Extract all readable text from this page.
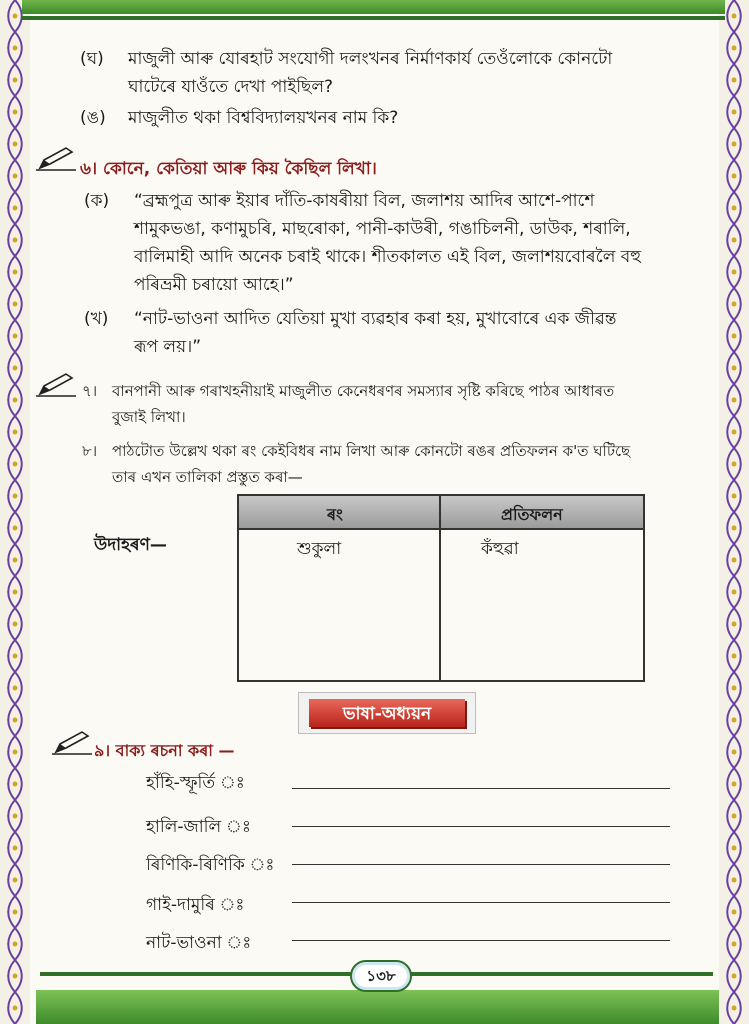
(ঘ) মাজুলী আৰু যোৰহাট সংযোগী দলংখনৰ নিৰ্মাণকাৰ্য তেওঁলোকে কোনটো
ঘাটেৰে যাওঁতে দেখা পাইছিল?
(ঙ) মাজুলীত থকা বিশ্ববিদ্যালয়খনৰ নাম কি?
৬। কোনে, কেতিয়া আৰু কিয় কৈছিল লিখা।
(ক) “ব্ৰহ্মপুত্ৰ আৰু ইয়াৰ দাঁতি-কাষৰীয়া বিল, জলাশয় আদিৰ আশে-পাশে
শামুকভঙা, কণামুচৰি, মাছৰোকা, পানী-কাউৰী, গঙাচিলনী, ডাউক, শৰালি,
বালিমাহী আদি অনেক চৰাই থাকে। শীতকালত এই বিল, জলাশয়বোৰলৈ বহু
পৰিভ্ৰমী চৰায়ো আহে।”
(খ) “নাট-ভাওনা আদিত যেতিয়া মুখা ব্যৱহাৰ কৰা হয়, মুখাবোৰে এক জীৱন্ত
ৰূপ লয়।”
৭। বানপানী আৰু গৰাখহনীয়াই মাজুলীত কেনেধৰণৰ সমস্যাৰ সৃষ্টি কৰিছে পাঠৰ আধাৰত
বুজাই লিখা।
৮। পাঠটোত উল্লেখ থকা ৰং কেইবিধৰ নাম লিখা আৰু কোনটো ৰঙৰ প্ৰতিফলন ক'ত ঘটিছে
তাৰ এখন তালিকা প্ৰস্তুত কৰা—
উদাহৰণ—
ৰং	প্ৰতিফলন
শুকুলা	কঁহুৱা
ভাষা-অধ্যয়ন
৯। বাক্য ৰচনা কৰা —
হাঁহি-স্ফূৰ্তি ঃ
হালি-জালি ঃ
ৰিণিকি-ৰিণিকি ঃ
গাই-দামুৰি ঃ
নাট-ভাওনা ঃ
১৩৮
